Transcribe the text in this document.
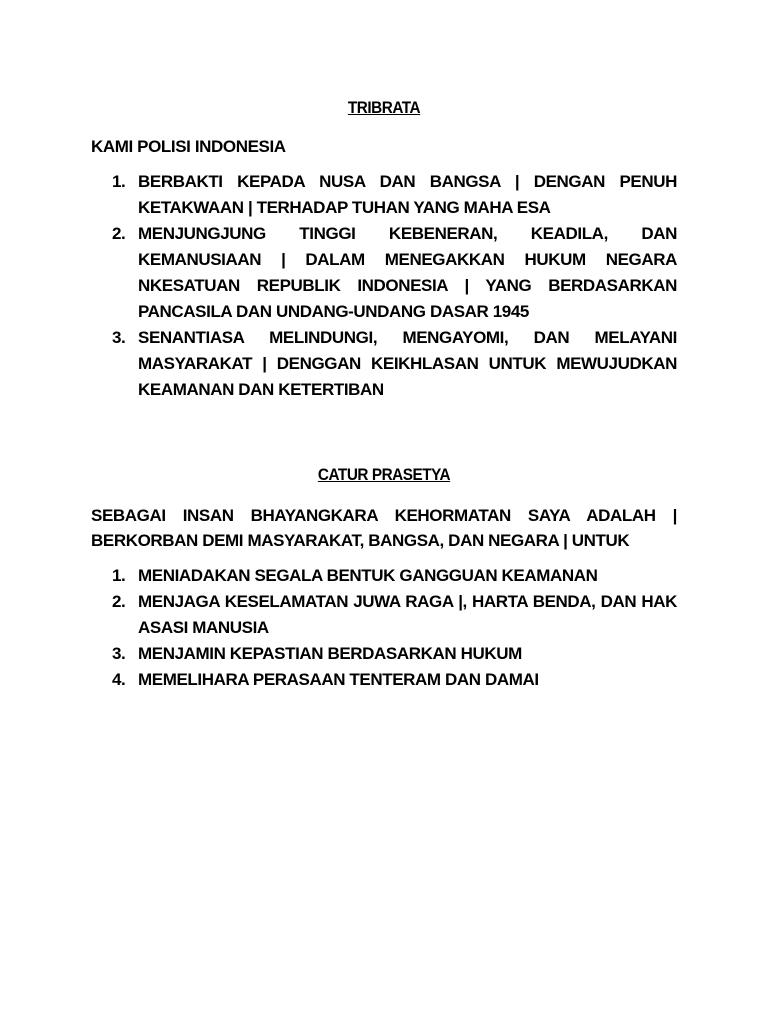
TRIBRATA
KAMI POLISI INDONESIA
1. BERBAKTI KEPADA NUSA DAN BANGSA | DENGAN PENUH KETAKWAAN | TERHADAP TUHAN YANG MAHA ESA
2. MENJUNGJUNG TINGGI KEBENERAN, KEADILA, DAN KEMANUSIAAN | DALAM MENEGAKKAN HUKUM NEGARA NKESATUAN REPUBLIK INDONESIA | YANG BERDASARKAN PANCASILA DAN UNDANG-UNDANG DASAR 1945
3. SENANTIASA MELINDUNGI, MENGAYOMI, DAN MELAYANI MASYARAKAT | DENGGAN KEIKHLASAN UNTUK MEWUJUDKAN KEAMANAN DAN KETERTIBAN
CATUR PRASETYA
SEBAGAI INSAN BHAYANGKARA KEHORMATAN SAYA ADALAH | BERKORBAN DEMI MASYARAKAT, BANGSA, DAN NEGARA | UNTUK
1. MENIADAKAN SEGALA BENTUK GANGGUAN KEAMANAN
2. MENJAGA KESELAMATAN JUWA RAGA |, HARTA BENDA, DAN HAK ASASI MANUSIA
3. MENJAMIN KEPASTIAN BERDASARKAN HUKUM
4. MEMELIHARA PERASAAN TENTERAM DAN DAMAI
